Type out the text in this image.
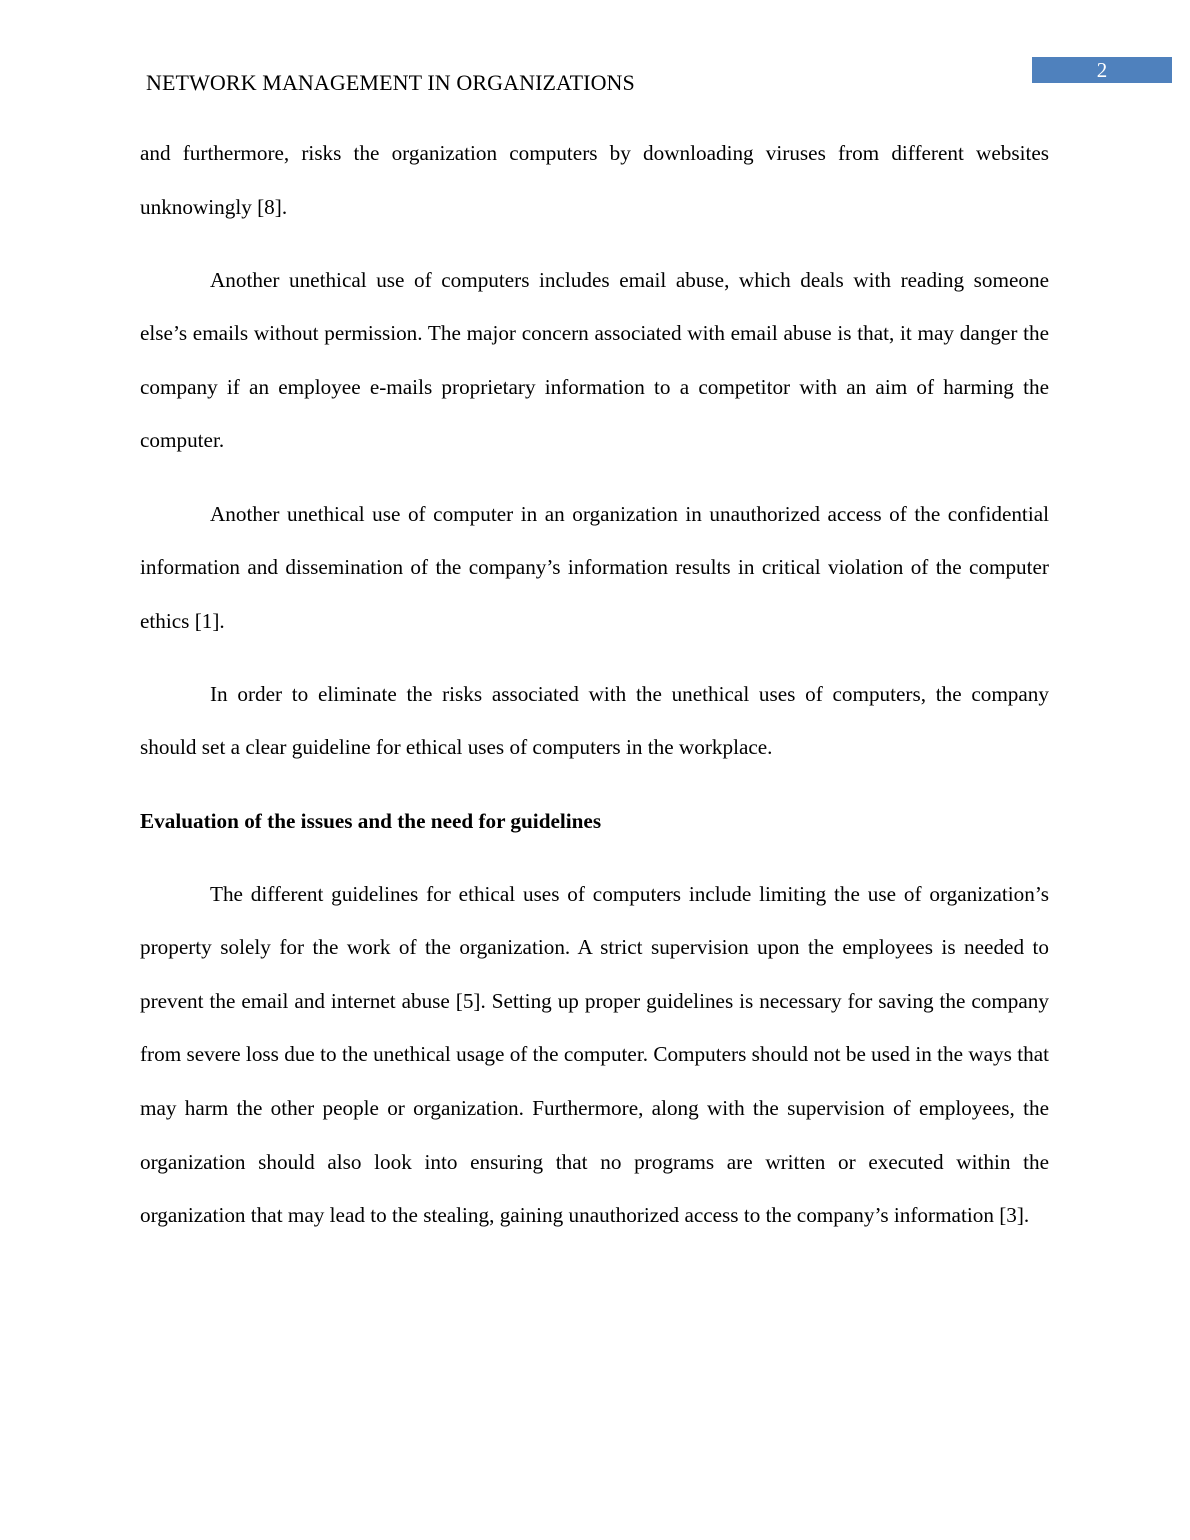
NETWORK MANAGEMENT IN ORGANIZATIONS	2

and furthermore, risks the organization computers by downloading viruses from different websites unknowingly [8].

Another unethical use of computers includes email abuse, which deals with reading someone else’s emails without permission. The major concern associated with email abuse is that, it may danger the company if an employee e-mails proprietary information to a competitor with an aim of harming the computer.

Another unethical use of computer in an organization in unauthorized access of the confidential information and dissemination of the company’s information results in critical violation of the computer ethics [1].

In order to eliminate the risks associated with the unethical uses of computers, the company should set a clear guideline for ethical uses of computers in the workplace.

Evaluation of the issues and the need for guidelines

The different guidelines for ethical uses of computers include limiting the use of organization’s property solely for the work of the organization. A strict supervision upon the employees is needed to prevent the email and internet abuse [5]. Setting up proper guidelines is necessary for saving the company from severe loss due to the unethical usage of the computer. Computers should not be used in the ways that may harm the other people or organization. Furthermore, along with the supervision of employees, the organization should also look into ensuring that no programs are written or executed within the organization that may lead to the stealing, gaining unauthorized access to the company’s information [3].
